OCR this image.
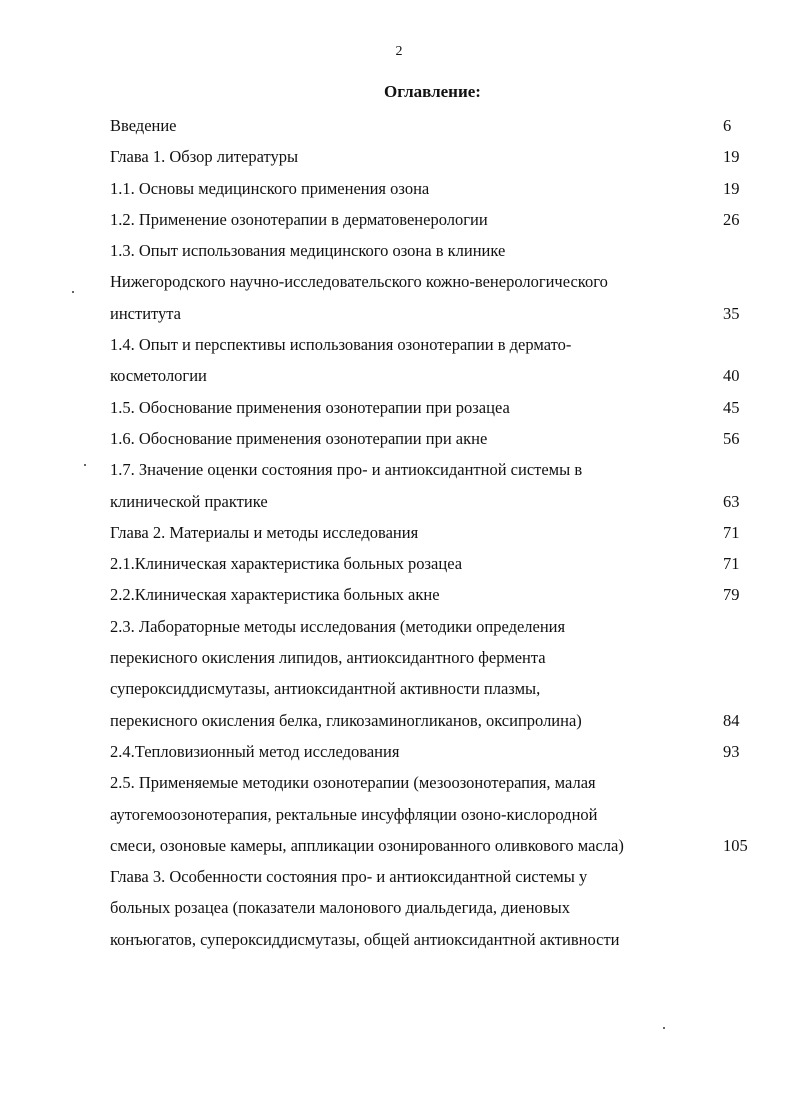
2
Оглавление:
Введение	6
Глава 1. Обзор литературы	19
1.1. Основы медицинского применения озона	19
1.2. Применение озонотерапии в дерматовенерологии	26
1.3. Опыт использования медицинского озона в клинике
Нижегородского научно-исследовательского кожно-венерологического
института	35
1.4. Опыт и перспективы использования озонотерапии в дермато-
косметологии	40
1.5. Обоснование применения озонотерапии при розацеа	45
1.6. Обоснование применения озонотерапии при акне	56
1.7. Значение оценки состояния про- и антиоксидантной системы в
клинической практике	63
Глава 2. Материалы и методы исследования	71
2.1.Клиническая характеристика больных розацеа	71
2.2.Клиническая характеристика больных акне	79
2.3. Лабораторные методы исследования (методики определения
перекисного окисления липидов, антиоксидантного фермента
супероксиддисмутазы, антиоксидантной активности плазмы,
перекисного окисления белка, гликозаминогликанов, оксипролина)	84
2.4.Тепловизионный метод исследования	93
2.5. Применяемые методики озонотерапии (мезоозонотерапия, малая
аутогемоозонотерапия, ректальные инсуффляции озоно-кислородной
смеси, озоновые камеры, аппликации озонированного оливкового масла)	105
Глава 3. Особенности состояния про- и антиоксидантной системы у
больных розацеа (показатели малонового диальдегида, диеновых
конъюгатов, супероксиддисмутазы, общей антиоксидантной активности
